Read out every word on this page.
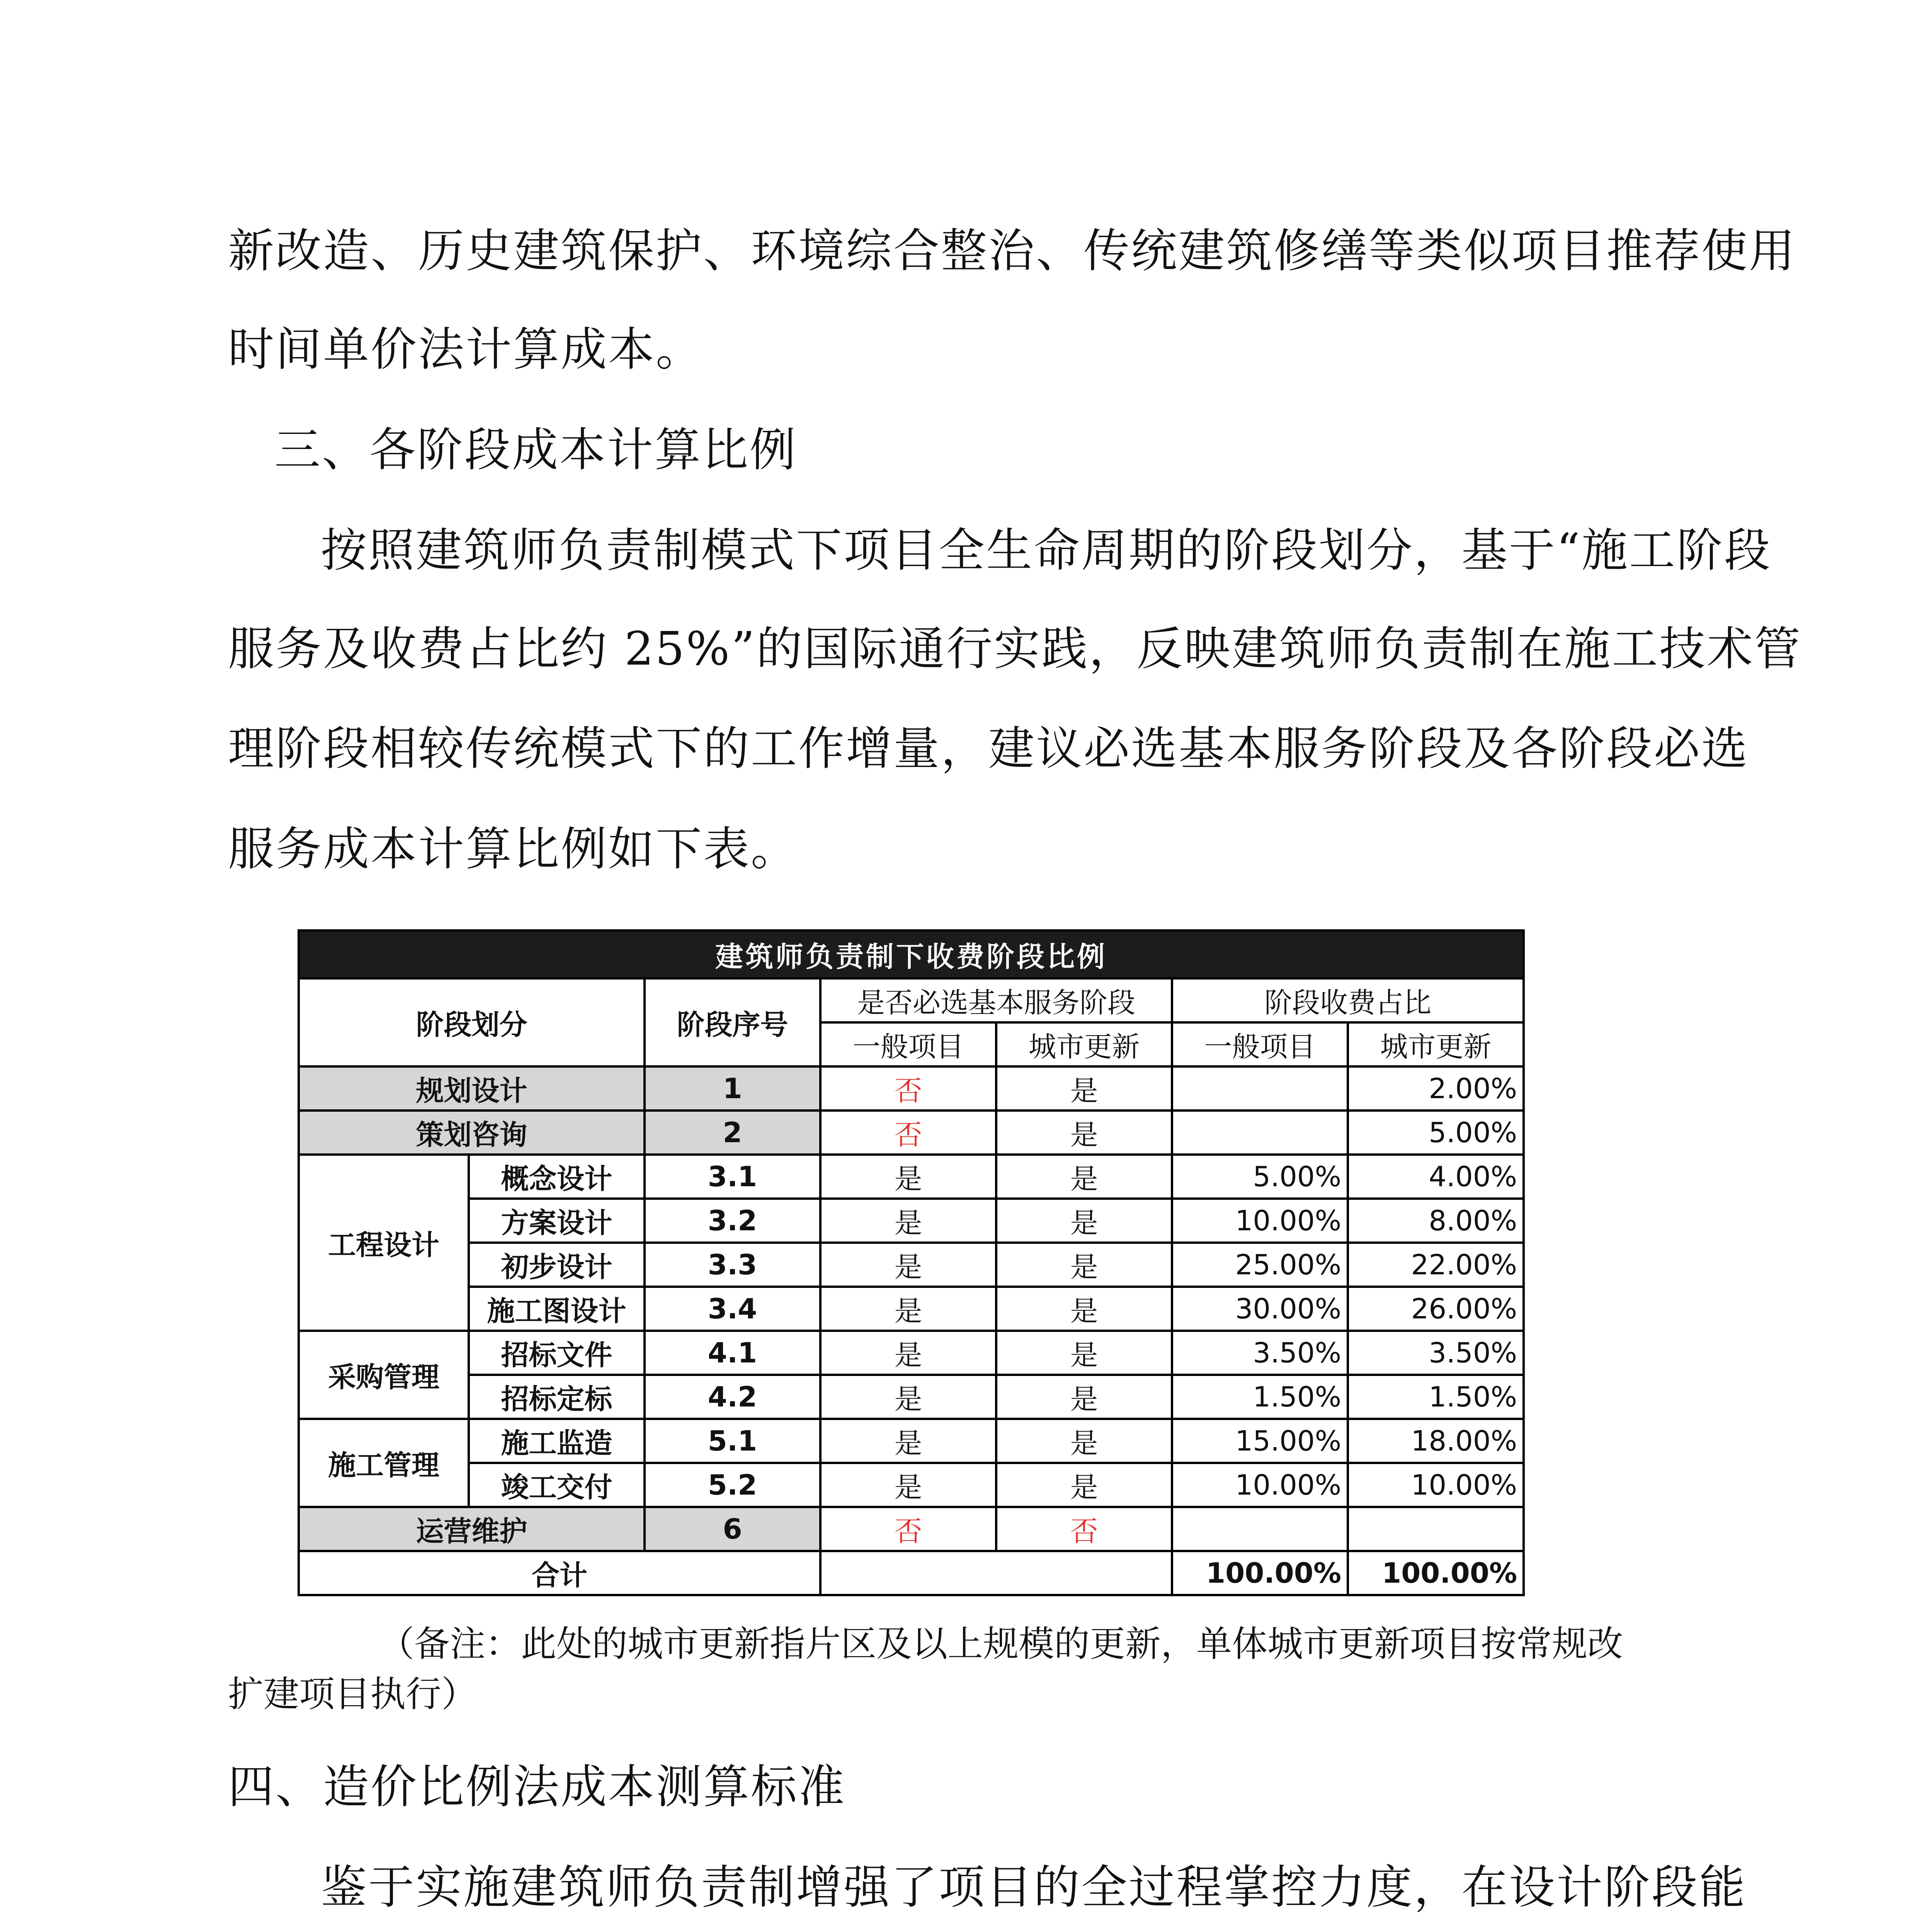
新改造、历史建筑保护、环境综合整治、传统建筑修缮等类似项目推荐使用

时间单价法计算成本。

三、各阶段成本计算比例

按照建筑师负责制模式下项目全生命周期的阶段划分，基于“施工阶段

服务及收费占比约 25%”的国际通行实践，反映建筑师负责制在施工技术管

理阶段相较传统模式下的工作增量，建议必选基本服务阶段及各阶段必选

服务成本计算比例如下表。

建筑师负责制下收费阶段比例						
阶段划分		阶段序号	是否必选基本服务阶段		阶段收费占比	
			一般项目	城市更新	一般项目	城市更新
规划设计		1	否	是		2.00%
策划咨询		2	否	是		5.00%
工程设计	概念设计	3.1	是	是	5.00%	4.00%
	方案设计	3.2	是	是	10.00%	8.00%
	初步设计	3.3	是	是	25.00%	22.00%
	施工图设计	3.4	是	是	30.00%	26.00%
采购管理	招标文件	4.1	是	是	3.50%	3.50%
	招标定标	4.2	是	是	1.50%	1.50%
施工管理	施工监造	5.1	是	是	15.00%	18.00%
	竣工交付	5.2	是	是	10.00%	10.00%
运营维护		6	否	否		
合计					100.00%	100.00%

（备注：此处的城市更新指片区及以上规模的更新，单体城市更新项目按常规改

扩建项目执行）

四、造价比例法成本测算标准

鉴于实施建筑师负责制增强了项目的全过程掌控力度，在设计阶段能
